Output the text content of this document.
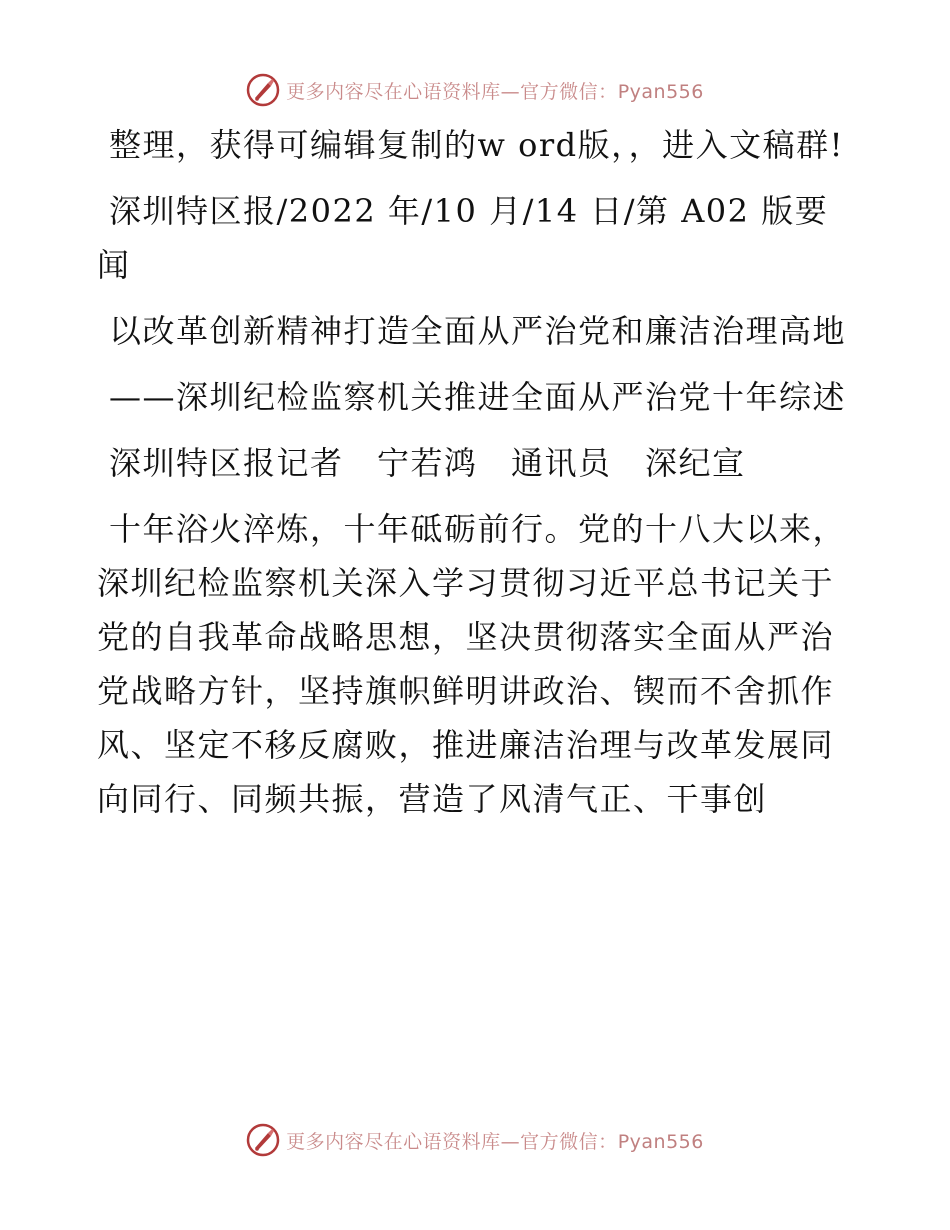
更多内容尽在心语资料库—官方微信：Pyan556

整理，获得可编辑复制的w ord版，，进入文稿群!

深圳特区报/2022 年/10 月/14 日/第 A02 版要闻

以改革创新精神打造全面从严治党和廉洁治理高地

——深圳纪检监察机关推进全面从严治党十年综述

深圳特区报记者　宁若鸿　通讯员　深纪宣

十年浴火淬炼，十年砥砺前行。党的十八大以来，深圳纪检监察机关深入学习贯彻习近平总书记关于党的自我革命战略思想，坚决贯彻落实全面从严治党战略方针，坚持旗帜鲜明讲政治、锲而不舍抓作风、坚定不移反腐败，推进廉洁治理与改革发展同向同行、同频共振，营造了风清气正、干事创

更多内容尽在心语资料库—官方微信：Pyan556
